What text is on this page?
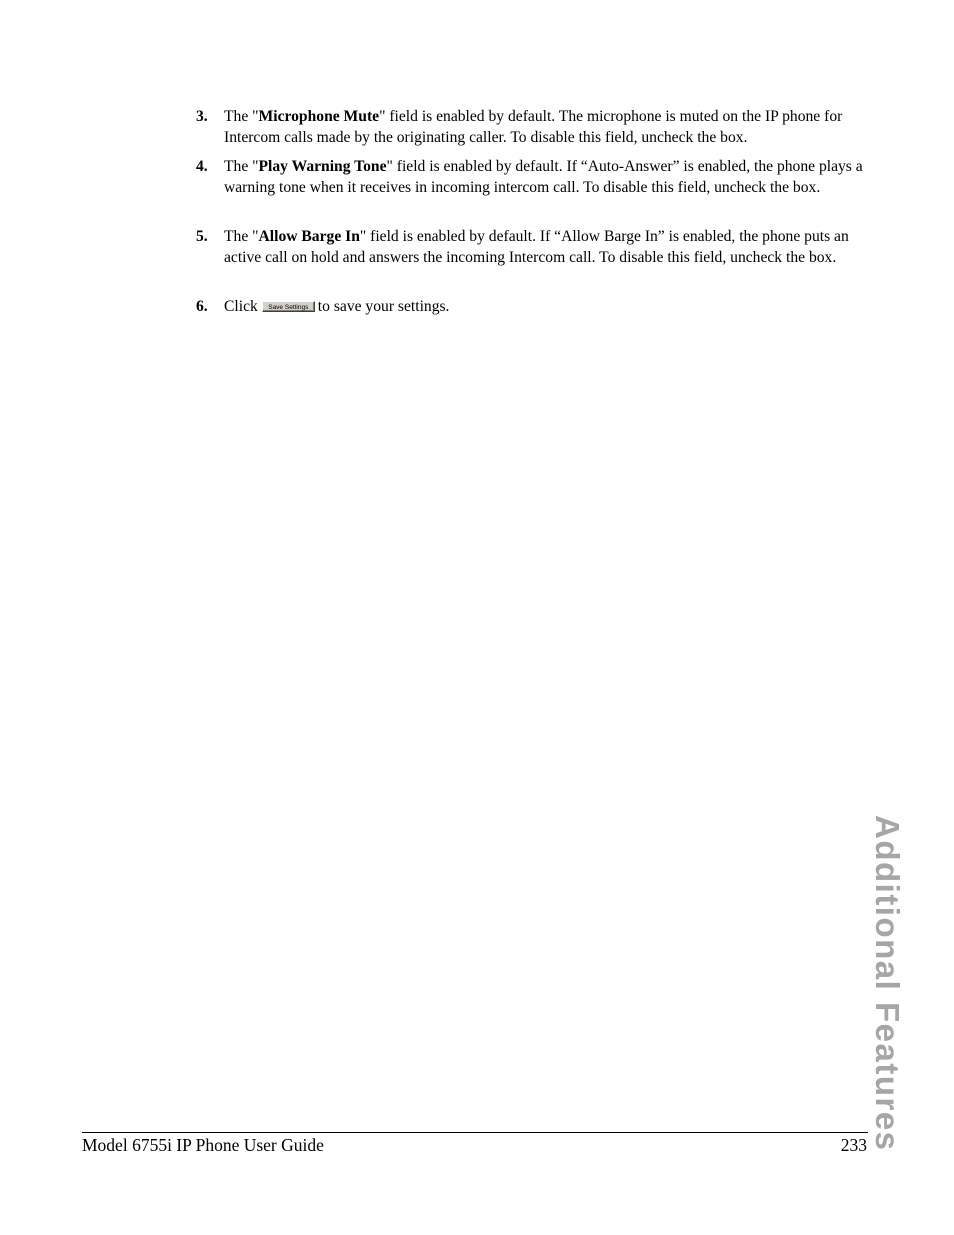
3. The "Microphone Mute" field is enabled by default. The microphone is muted on the IP phone for Intercom calls made by the originating caller. To disable this field, uncheck the box.
4. The "Play Warning Tone" field is enabled by default. If “Auto-Answer” is enabled, the phone plays a warning tone when it receives in incoming intercom call. To disable this field, uncheck the box.
5. The "Allow Barge In" field is enabled by default. If “Allow Barge In” is enabled, the phone puts an active call on hold and answers the incoming Intercom call. To disable this field, uncheck the box.
6. Click Save Settings to save your settings.
Additional Features
Model 6755i IP Phone User Guide	233
